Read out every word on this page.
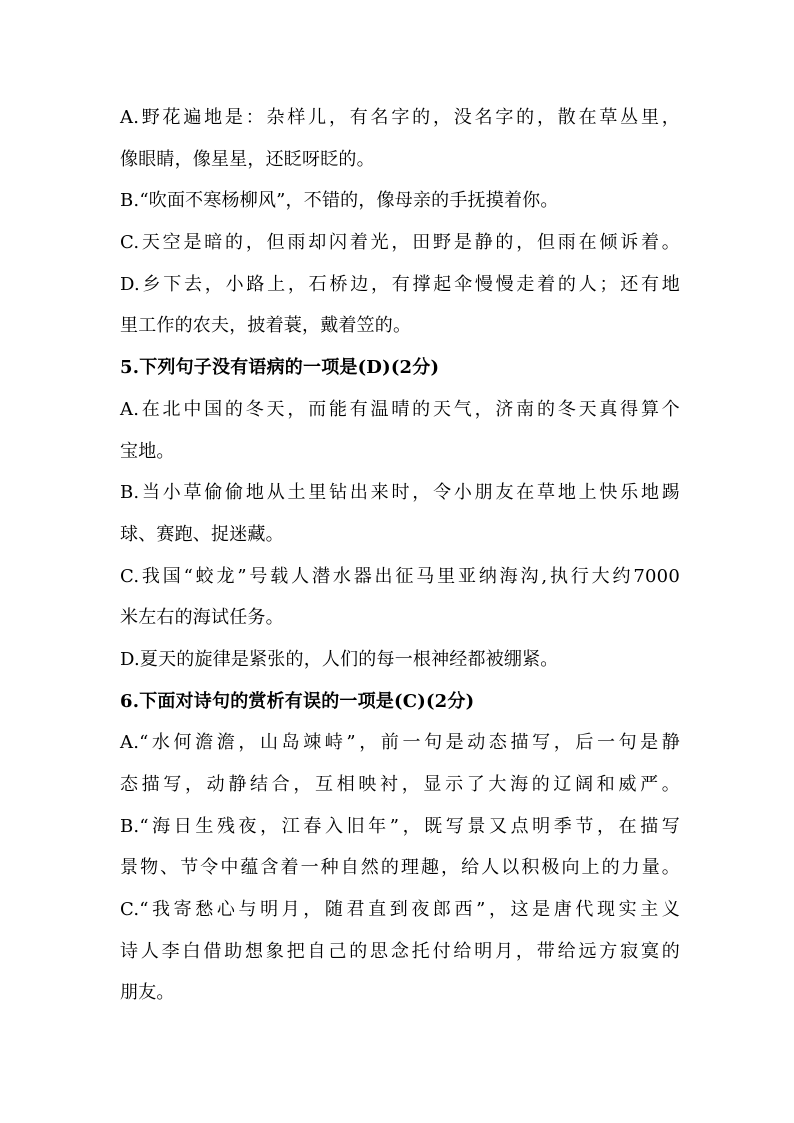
A.野花遍地是：杂样儿，有名字的，没名字的，散在草丛里，
像眼睛，像星星，还眨呀眨的。
B.“吹面不寒杨柳风”，不错的，像母亲的手抚摸着你。
C.天空是暗的，但雨却闪着光，田野是静的，但雨在倾诉着。
D.乡下去，小路上，石桥边，有撑起伞慢慢走着的人；还有地
里工作的农夫，披着蓑，戴着笠的。
5.下列句子没有语病的一项是(D)(2分)
A.在北中国的冬天，而能有温晴的天气，济南的冬天真得算个
宝地。
B.当小草偷偷地从土里钻出来时，令小朋友在草地上快乐地踢
球、赛跑、捉迷藏。
C.我国“蛟龙”号载人潜水器出征马里亚纳海沟,执行大约7000
米左右的海试任务。
D.夏天的旋律是紧张的，人们的每一根神经都被绷紧。
6.下面对诗句的赏析有误的一项是(C)(2分)
A.“水何澹澹，山岛竦峙”，前一句是动态描写，后一句是静
态描写，动静结合，互相映衬，显示了大海的辽阔和威严。
B.“海日生残夜，江春入旧年”，既写景又点明季节，在描写
景物、节令中蕴含着一种自然的理趣，给人以积极向上的力量。
C.“我寄愁心与明月，随君直到夜郎西”，这是唐代现实主义
诗人李白借助想象把自己的思念托付给明月，带给远方寂寞的
朋友。
